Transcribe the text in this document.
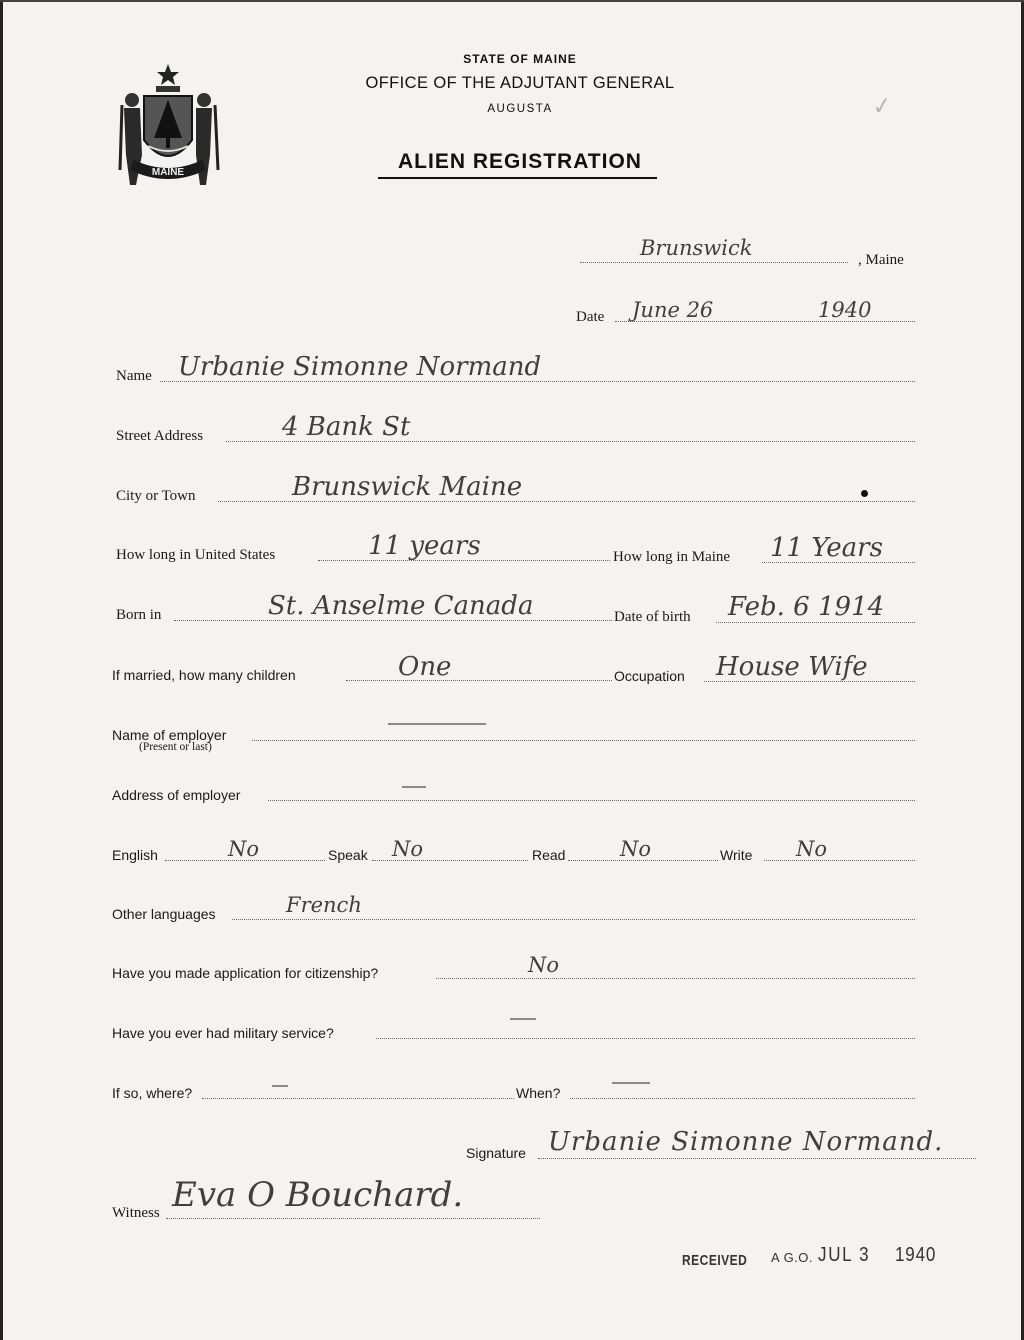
MAINE
STATE OF MAINE
OFFICE OF THE ADJUTANT GENERAL
AUGUSTA
ALIEN REGISTRATION
✓
Brunswick	, Maine
Date June 26	1940
Name Urbanie Simonne Normand
Street Address	4 Bank St
City or Town	Brunswick Maine
How long in United States	11 years	How long in Maine 11 Years
Born in	St. Anselme Canada	Date of birth Feb. 6 1914
If married, how many children	One	Occupation House Wife
Name of employer
(Present or last)
Address of employer
English	No	Speak No	Read	No	Write No
Other languages	French
Have you made application for citizenship?	No
Have you ever had military service?
If so, where?	When?
Signature Urbanie Simonne Normand.
Witness Eva O Bouchard.
RECEIVED A G.O. JUL 3 1940
